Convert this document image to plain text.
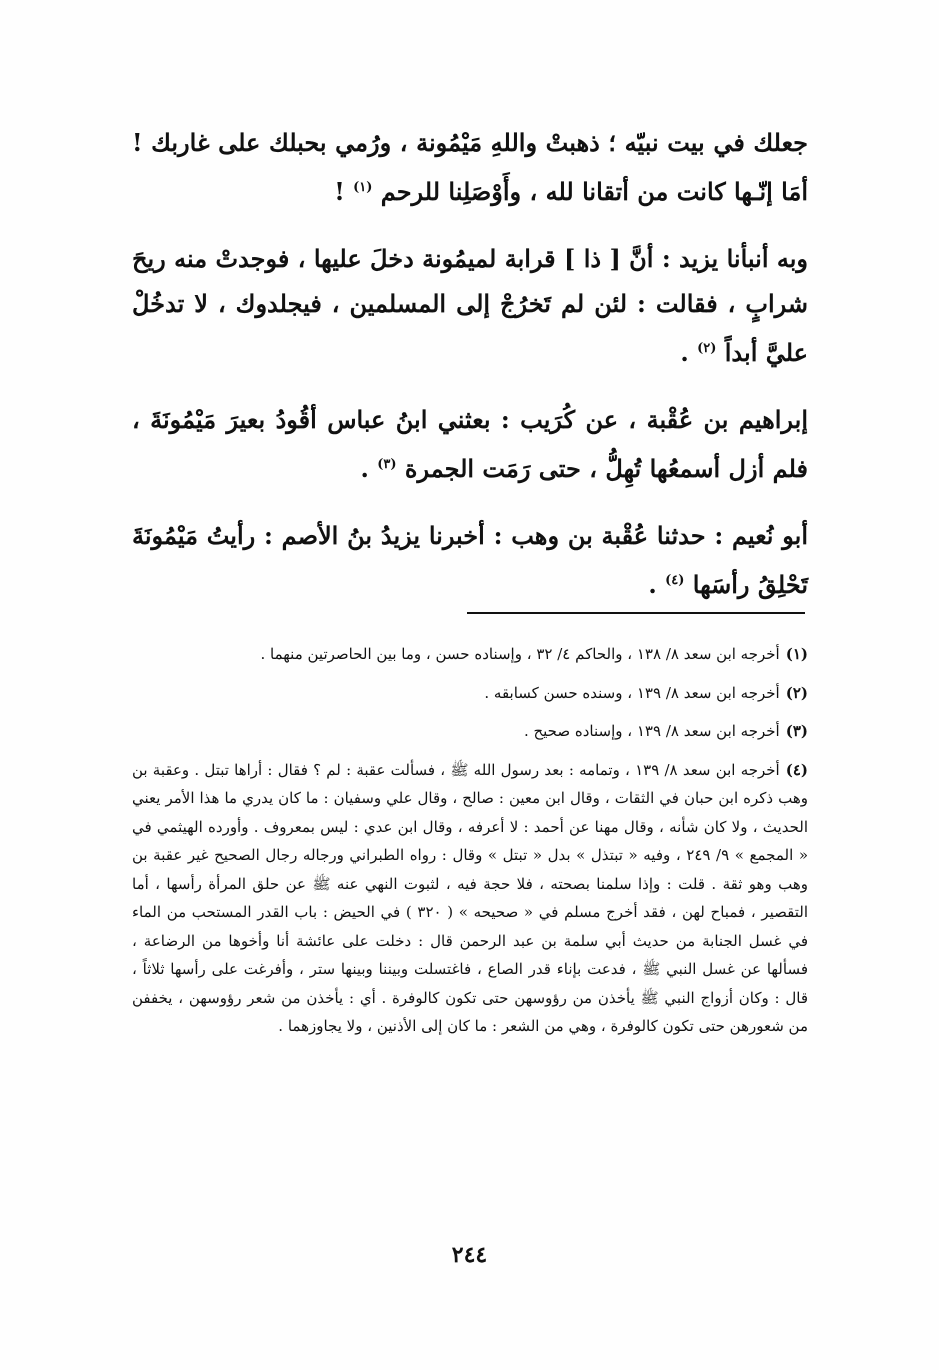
جعلك في بيت نبيّه ؛ ذهبتْ واللهِ مَيْمُونة ، ورُمي بحبلك على غاربك ! أمَا إنّـها كانت من أتقانا لله ، وأَوْصَلِنا للرحم $^{(١)}$ !

وبه أنبأنا يزيد : أنَّ [ ذا ] قرابة لميمُونة دخلَ عليها ، فوجدتْ منه ريحَ شرابٍ ، فقالت : لئن لم تَخرُجْ إلى المسلمين ، فيجلدوك ، لا تدخُلْ عليَّ أبداً $^{(٢)}$ .

إبراهيم بن عُقْبة ، عن كُرَيب : بعثني ابنُ عباس أقُودُ بعيرَ مَيْمُونَةَ ، فلم أزل أسمعُها تُهِلُّ ، حتى رَمَت الجمرة $^{(٣)}$ .

أبو نُعيم : حدثنا عُقْبة بن وهب : أخبرنا يزيدُ بنُ الأصم : رأيتُ مَيْمُونَةَ تَحْلِقُ رأسَها $^{(٤)}$ .

(١)أخرجه ابن سعد ٨/ ١٣٨ ، والحاكم ٤/ ٣٢ ، وإسناده حسن ، وما بين الحاصرتين منهما .
(٢)أخرجه ابن سعد ٨/ ١٣٩ ، وسنده حسن كسابقه .
(٣)أخرجه ابن سعد ٨/ ١٣٩ ، وإسناده صحيح .
(٤)أخرجه ابن سعد ٨/ ١٣٩ ، وتمامه : بعد رسول الله ﷺ ، فسألت عقبة : لم ؟ فقال : أراها تبتل . وعقبة بن وهب ذكره ابن حبان في الثقات ، وقال ابن معين : صالح ، وقال علي وسفيان : ما كان يدري ما هذا الأمر يعني الحديث ، ولا كان شأنه ، وقال مهنا عن أحمد : لا أعرفه ، وقال ابن عدي : ليس بمعروف . وأورده الهيثمي في « المجمع » ٩/ ٢٤٩ ، وفيه « تبتذل » بدل « تبتل » وقال : رواه الطبراني ورجاله رجال الصحيح غير عقبة بن وهب وهو ثقة . قلت : وإذا سلمنا بصحته ، فلا حجة فيه ، لثبوت النهي عنه ﷺ عن حلق المرأة رأسها ، أما التقصير ، فمباح لهن ، فقد أخرج مسلم في « صحيحه » ( ٣٢٠ ) في الحيض : باب القدر المستحب من الماء في غسل الجنابة من حديث أبي سلمة بن عبد الرحمن قال : دخلت على عائشة أنا وأخوها من الرضاعة ، فسألها عن غسل النبي ﷺ ، فدعت بإناء قدر الصاع ، فاغتسلت وبيننا وبينها ستر ، وأفرغت على رأسها ثلاثاً ، قال : وكان أزواج النبي ﷺ يأخذن من رؤوسهن حتى تكون كالوفرة . أي : يأخذن من شعر رؤوسهن ، يخففن من شعورهن حتى تكون كالوفرة ، وهي من الشعر : ما كان إلى الأذنين ، ولا يجاوزهما .
٢٤٤
